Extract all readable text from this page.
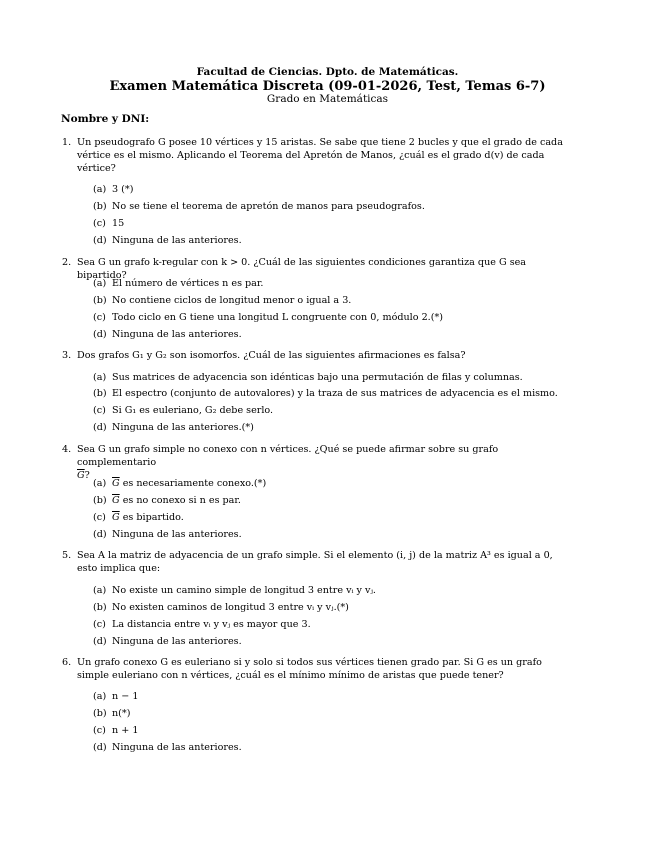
Facultad de Ciencias. Dpto. de Matemáticas.
Examen Matemática Discreta (09-01-2026, Test, Temas 6-7)
Grado en Matemáticas
Nombre y DNI:
1. Un pseudografo G posee 10 vértices y 15 aristas. Se sabe que tiene 2 bucles y que el grado de cada vértice es el mismo. Aplicando el Teorema del Apretón de Manos, ¿cuál es el grado d(v) de cada vértice?
(a) 3 (*)
(b) No se tiene el teorema de apretón de manos para pseudografos.
(c) 15
(d) Ninguna de las anteriores.
2. Sea G un grafo k-regular con k > 0. ¿Cuál de las siguientes condiciones garantiza que G sea bipartido?
(a) El número de vértices n es par.
(b) No contiene ciclos de longitud menor o igual a 3.
(c) Todo ciclo en G tiene una longitud L congruente con 0, módulo 2.(*)
(d) Ninguna de las anteriores.
3. Dos grafos G₁ y G₂ son isomorfos. ¿Cuál de las siguientes afirmaciones es falsa?
(a) Sus matrices de adyacencia son idénticas bajo una permutación de filas y columnas.
(b) El espectro (conjunto de autovalores) y la traza de sus matrices de adyacencia es el mismo.
(c) Si G₁ es euleriano, G₂ debe serlo.
(d) Ninguna de las anteriores.(*)
4. Sea G un grafo simple no conexo con n vértices. ¿Qué se puede afirmar sobre su grafo complementario
$\overline{G}$?
(a) $\overline{G}$ es necesariamente conexo.(*)
(b) $\overline{G}$ es no conexo si n es par.
(c) $\overline{G}$ es bipartido.
(d) Ninguna de las anteriores.
5. Sea A la matriz de adyacencia de un grafo simple. Si el elemento (i, j) de la matriz A³ es igual a 0, esto implica que:
(a) No existe un camino simple de longitud 3 entre vᵢ y vⱼ.
(b) No existen caminos de longitud 3 entre vᵢ y vⱼ.(*)
(c) La distancia entre vᵢ y vⱼ es mayor que 3.
(d) Ninguna de las anteriores.
6. Un grafo conexo G es euleriano si y solo si todos sus vértices tienen grado par. Si G es un grafo simple euleriano con n vértices, ¿cuál es el mínimo mínimo de aristas que puede tener?
(a) n − 1
(b) n(*)
(c) n + 1
(d) Ninguna de las anteriores.
